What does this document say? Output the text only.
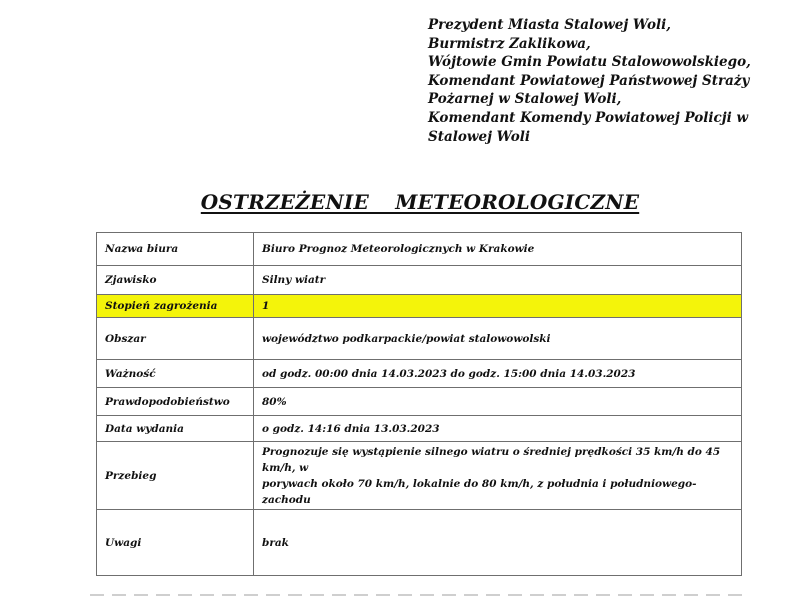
Prezydent Miasta Stalowej Woli,
Burmistrz Zaklikowa,
Wójtowie Gmin Powiatu Stalowowolskiego,
Komendant Powiatowej Państwowej Straży
Pożarnej w Stalowej Woli,
Komendant Komendy Powiatowej Policji w
Stalowej Woli
OSTRZEŻENIE  METEOROLOGICZNE
Nazwa biura	Biuro Prognoz Meteorologicznych w Krakowie
Zjawisko	Silny wiatr
Stopień zagrożenia	1
Obszar	województwo podkarpackie/powiat stalowowolski
Ważność	od godz. 00:00 dnia 14.03.2023 do godz. 15:00 dnia 14.03.2023
Prawdopodobieństwo	80%
Data wydania	o godz. 14:16 dnia 13.03.2023
Przebieg	Prognozuje się wystąpienie silnego wiatru o średniej prędkości 35 km/h do 45 km/h, w
porywach około 70 km/h, lokalnie do 80 km/h, z południa i południowego-zachodu

Uwagi	brak
